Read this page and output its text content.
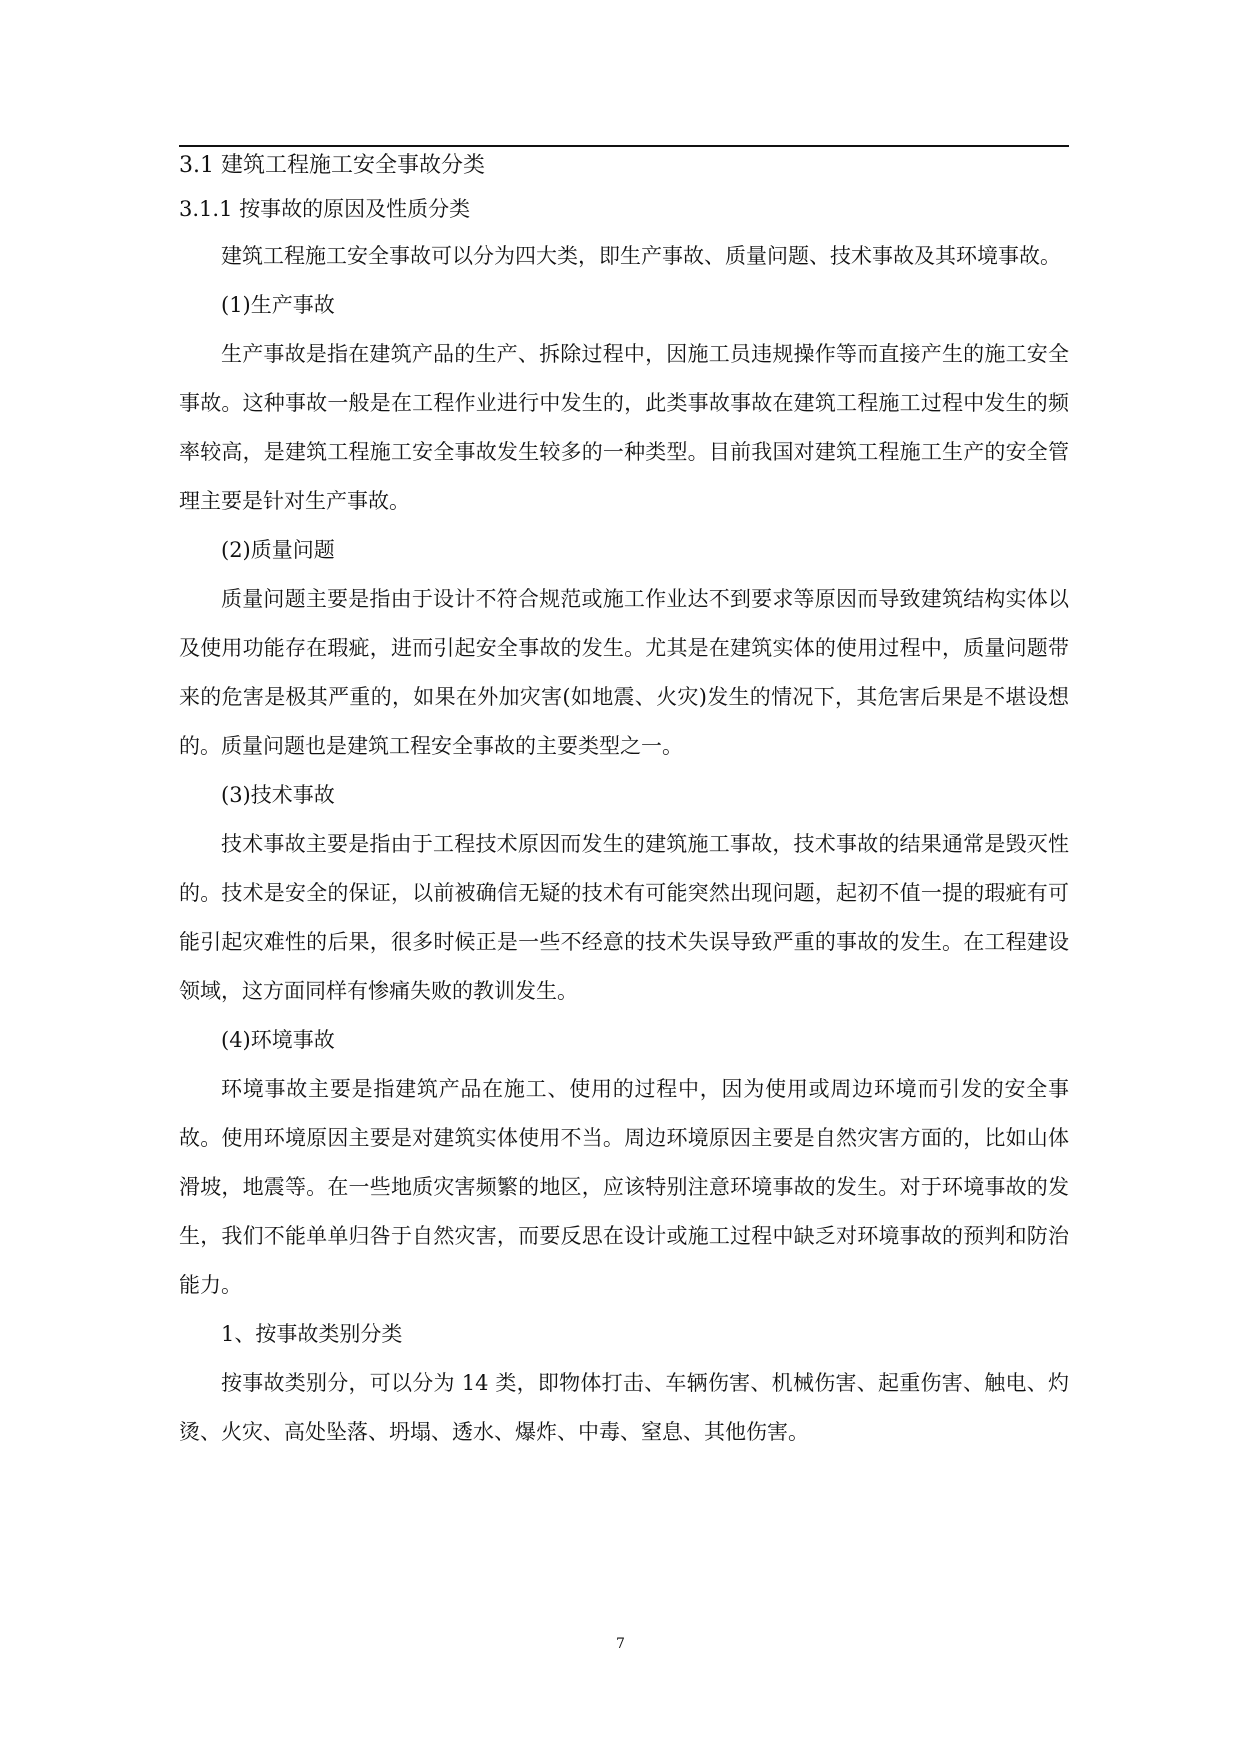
3.1 建筑工程施工安全事故分类
3.1.1 按事故的原因及性质分类

建筑工程施工安全事故可以分为四大类，即生产事故、质量问题、技术事故及其环境事故。

(1)生产事故

生产事故是指在建筑产品的生产、拆除过程中，因施工员违规操作等而直接产生的施工安全事故。这种事故一般是在工程作业进行中发生的，此类事故事故在建筑工程施工过程中发生的频率较高，是建筑工程施工安全事故发生较多的一种类型。目前我国对建筑工程施工生产的安全管理主要是针对生产事故。

(2)质量问题

质量问题主要是指由于设计不符合规范或施工作业达不到要求等原因而导致建筑结构实体以及使用功能存在瑕疵，进而引起安全事故的发生。尤其是在建筑实体的使用过程中，质量问题带来的危害是极其严重的，如果在外加灾害(如地震、火灾)发生的情况下，其危害后果是不堪设想的。质量问题也是建筑工程安全事故的主要类型之一。

(3)技术事故

技术事故主要是指由于工程技术原因而发生的建筑施工事故，技术事故的结果通常是毁灭性的。技术是安全的保证，以前被确信无疑的技术有可能突然出现问题，起初不值一提的瑕疵有可能引起灾难性的后果，很多时候正是一些不经意的技术失误导致严重的事故的发生。在工程建设领域，这方面同样有惨痛失败的教训发生。

(4)环境事故

环境事故主要是指建筑产品在施工、使用的过程中，因为使用或周边环境而引发的安全事故。使用环境原因主要是对建筑实体使用不当。周边环境原因主要是自然灾害方面的，比如山体滑坡，地震等。在一些地质灾害频繁的地区，应该特别注意环境事故的发生。对于环境事故的发生，我们不能单单归咎于自然灾害，而要反思在设计或施工过程中缺乏对环境事故的预判和防治能力。

1、按事故类别分类

按事故类别分，可以分为 14 类，即物体打击、车辆伤害、机械伤害、起重伤害、触电、灼烫、火灾、高处坠落、坍塌、透水、爆炸、中毒、窒息、其他伤害。

7
